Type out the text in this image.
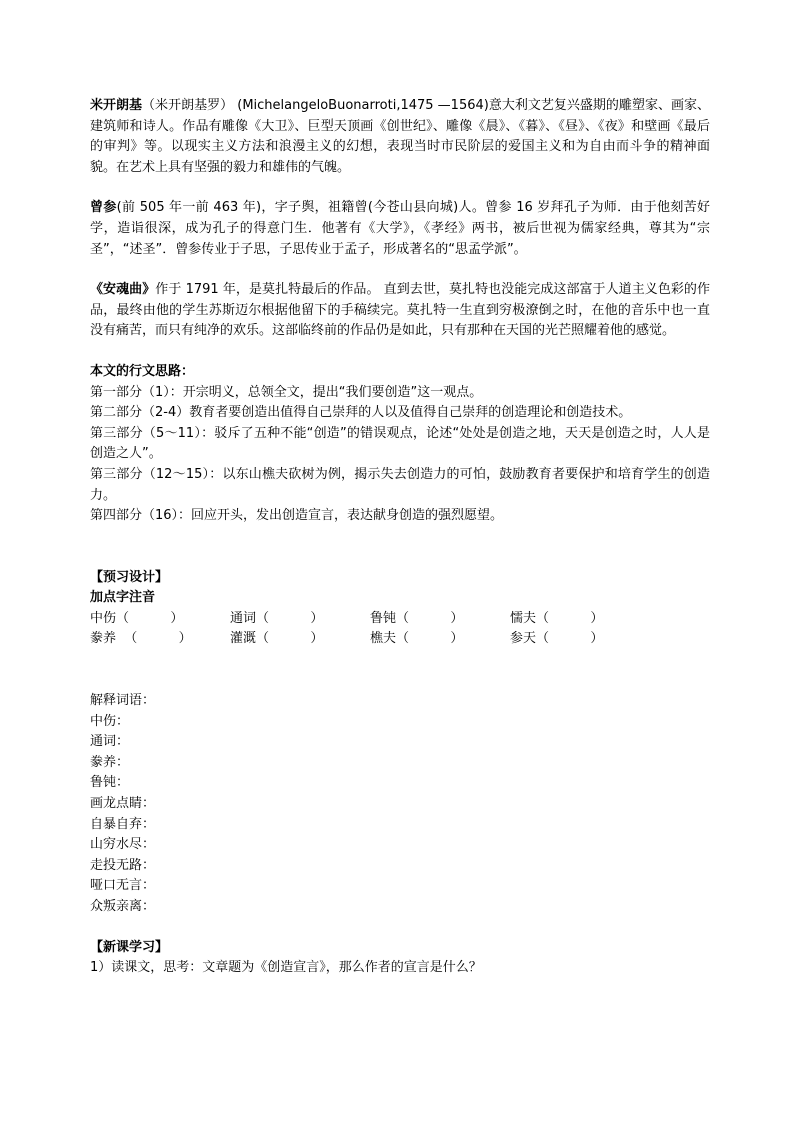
米开朗基（米开朗基罗） (MichelangeloBuonarroti,1475 —1564)意大利文艺复兴盛期的雕塑家、画家、建筑师和诗人。作品有雕像《大卫》、巨型天顶画《创世纪》、雕像《晨》、《暮》、《昼》、《夜》和壁画《最后的审判》等。以现实主义方法和浪漫主义的幻想，表现当时市民阶层的爱国主义和为自由而斗争的精神面貌。在艺术上具有坚强的毅力和雄伟的气魄。

曾参(前 505 年一前 463 年)，字子舆，祖籍曾(今苍山县向城)人。曾参 16 岁拜孔子为师．由于他刻苦好学，造诣很深，成为孔子的得意门生．他著有《大学》，《孝经》两书，被后世视为儒家经典，尊其为“宗圣”，“述圣”．曾参传业于子思，子思传业于孟子，形成著名的“思孟学派”。

《安魂曲》作于 1791 年，是莫扎特最后的作品。 直到去世，莫扎特也没能完成这部富于人道主义色彩的作品，最终由他的学生苏斯迈尔根据他留下的手稿续完。莫扎特一生直到穷极潦倒之时，在他的音乐中也一直没有痛苦，而只有纯净的欢乐。这部临终前的作品仍是如此，只有那种在天国的光芒照耀着他的感觉。

本文的行文思路：

第一部分（1）：开宗明义，总领全文，提出“我们要创造”这一观点。

第二部分（2-4）教育者要创造出值得自己崇拜的人以及值得自己崇拜的创造理论和创造技术。

第三部分（5～11）：驳斥了五种不能“创造”的错误观点，论述“处处是创造之地，天天是创造之时，人人是创造之人”。

第三部分（12～15）：以东山樵夫砍树为例，揭示失去创造力的可怕，鼓励教育者要保护和培育学生的创造力。

第四部分（16）：回应开头，发出创造宣言，表达献身创造的强烈愿望。

【预习设计】
加点字注音
中伤（          ）	通词（          ）	鲁钝（          ）	懦夫（          ）
豢养  （          ）	灌溉（          ）	樵夫（          ）	参天（          ）
解释词语：
中伤：
通词：
豢养：
鲁钝：
画龙点睛：
自暴自弃：
山穷水尽：
走投无路：
哑口无言：
众叛亲离：
【新课学习】
1）读课文，思考：文章题为《创造宣言》，那么作者的宣言是什么？
